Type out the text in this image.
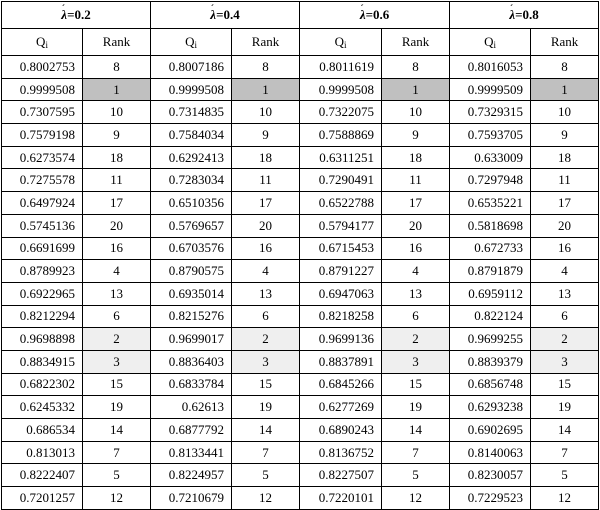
λ ´=0.2		λ ´=0.4		λ ´=0.6		λ ´=0.8
Qi	Rank	Qi	Rank	Qi	Rank	Qi	Rank
0.8002753	8	0.8007186	8	0.8011619	8	0.8016053	8
0.9999508	1	0.9999508	1	0.9999508	1	0.9999509	1
0.7307595	10	0.7314835	10	0.7322075	10	0.7329315	10
0.7579198	9	0.7584034	9	0.7588869	9	0.7593705	9
0.6273574	18	0.6292413	18	0.6311251	18	0.633009	18
0.7275578	11	0.7283034	11	0.7290491	11	0.7297948	11
0.6497924	17	0.6510356	17	0.6522788	17	0.6535221	17
0.5745136	20	0.5769657	20	0.5794177	20	0.5818698	20
0.6691699	16	0.6703576	16	0.6715453	16	0.672733	16
0.8789923	4	0.8790575	4	0.8791227	4	0.8791879	4
0.6922965	13	0.6935014	13	0.6947063	13	0.6959112	13
0.8212294	6	0.8215276	6	0.8218258	6	0.822124	6
0.9698898	2	0.9699017	2	0.9699136	2	0.9699255	2
0.8834915	3	0.8836403	3	0.8837891	3	0.8839379	3
0.6822302	15	0.6833784	15	0.6845266	15	0.6856748	15
0.6245332	19	0.62613	19	0.6277269	19	0.6293238	19
0.686534	14	0.6877792	14	0.6890243	14	0.6902695	14
0.813013	7	0.8133441	7	0.8136752	7	0.8140063	7
0.8222407	5	0.8224957	5	0.8227507	5	0.8230057	5
0.7201257	12	0.7210679	12	0.7220101	12	0.7229523	12
